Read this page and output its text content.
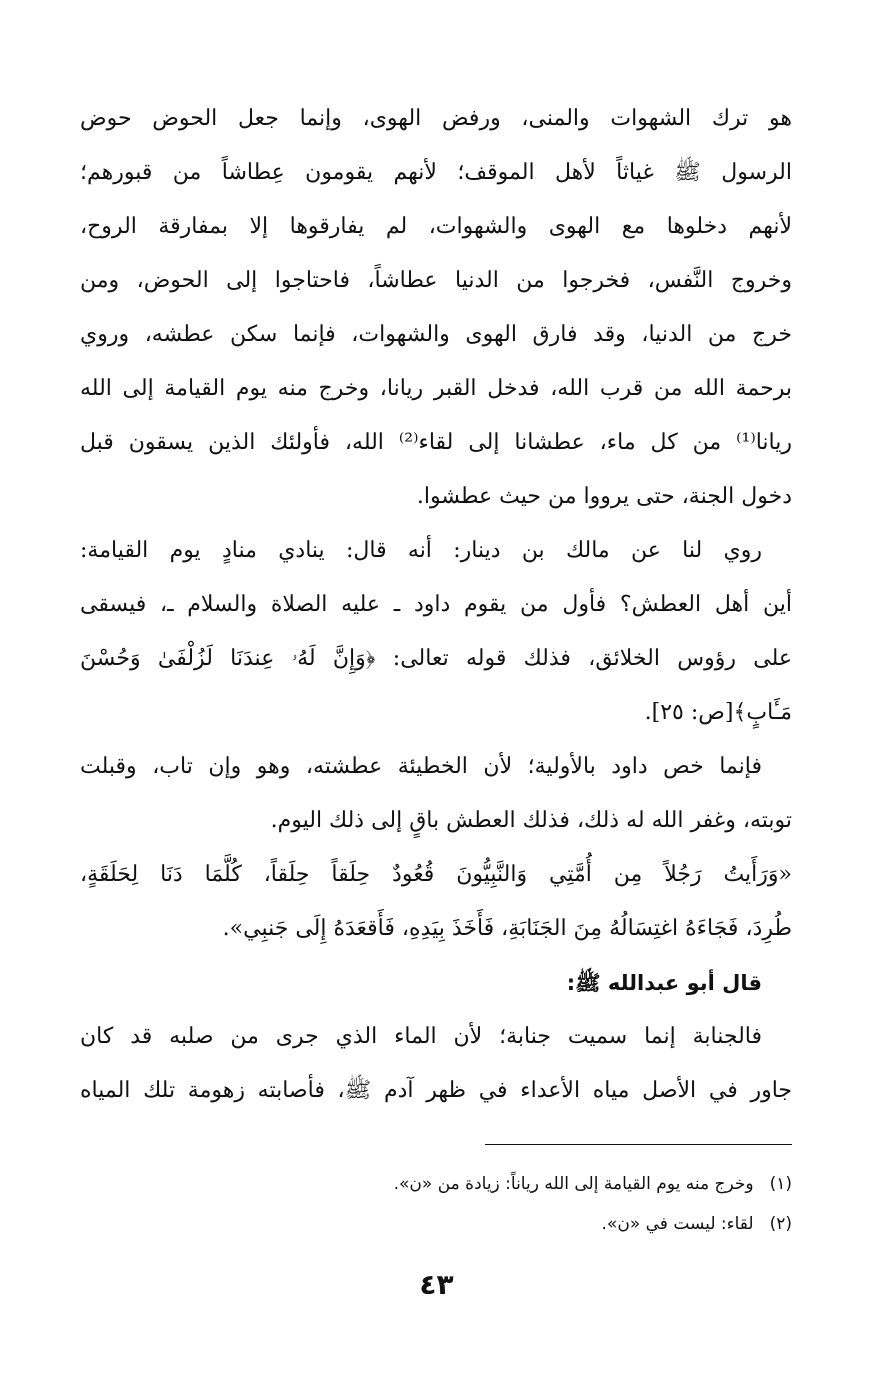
هو ترك الشهوات والمنى، ورفض الهوى، وإنما جعل الحوض حوض
الرسول ﷺ غياثاً لأهل الموقف؛ لأنهم يقومون عِطاشاً من قبورهم؛
لأنهم دخلوها مع الهوى والشهوات، لم يفارقوها إلا بمفارقة الروح،
وخروج النَّفس، فخرجوا من الدنيا عطاشاً، فاحتاجوا إلى الحوض، ومن
خرج من الدنيا، وقد فارق الهوى والشهوات، فإنما سكن عطشه، وروي
برحمة الله من قرب الله، فدخل القبر ريانا، وخرج منه يوم القيامة إلى الله
ريانا⁽¹⁾ من كل ماء، عطشانا إلى لقاء⁽²⁾ الله، فأولئك الذين يسقون قبل
دخول الجنة، حتى يرووا من حيث عطشوا.
روي لنا عن مالك بن دينار: أنه قال: ينادي منادٍ يوم القيامة:
أين أهل العطش؟ فأول من يقوم داود ـ عليه الصلاة والسلام ـ، فيسقى
على رؤوس الخلائق، فذلك قوله تعالى: ﴿وَإِنَّ لَهُۥ عِندَنَا لَزُلْفَىٰ وَحُسْنَ
مَـَٔابٍ﴾[ص: ٢٥].
فإنما خص داود بالأولية؛ لأن الخطيئة عطشته، وهو وإن تاب، وقبلت
توبته، وغفر الله له ذلك، فذلك العطش باقٍ إلى ذلك اليوم.
«وَرَأَيتُ رَجُلاً مِن أُمَّتِي وَالنَّبِيُّونَ قُعُودٌ حِلَقاً حِلَقاً، كُلَّمَا دَنَا لِحَلَقَةٍ،
طُرِدَ، فَجَاءَهُ اغتِسَالُهُ مِنَ الجَنَابَةِ، فَأَخَذَ بِيَدِهِ، فَأَقعَدَهُ إِلَى جَنبِي».
قال أبو عبدالله ﷺ:
فالجنابة إنما سميت جنابة؛ لأن الماء الذي جرى من صلبه قد كان
جاور في الأصل مياه الأعداء في ظهر آدم ﷺ، فأصابته زهومة تلك المياه
(١)وخرج منه يوم القيامة إلى الله رياناً: زيادة من «ن».
(٢)لقاء: ليست في «ن».
٤٣
